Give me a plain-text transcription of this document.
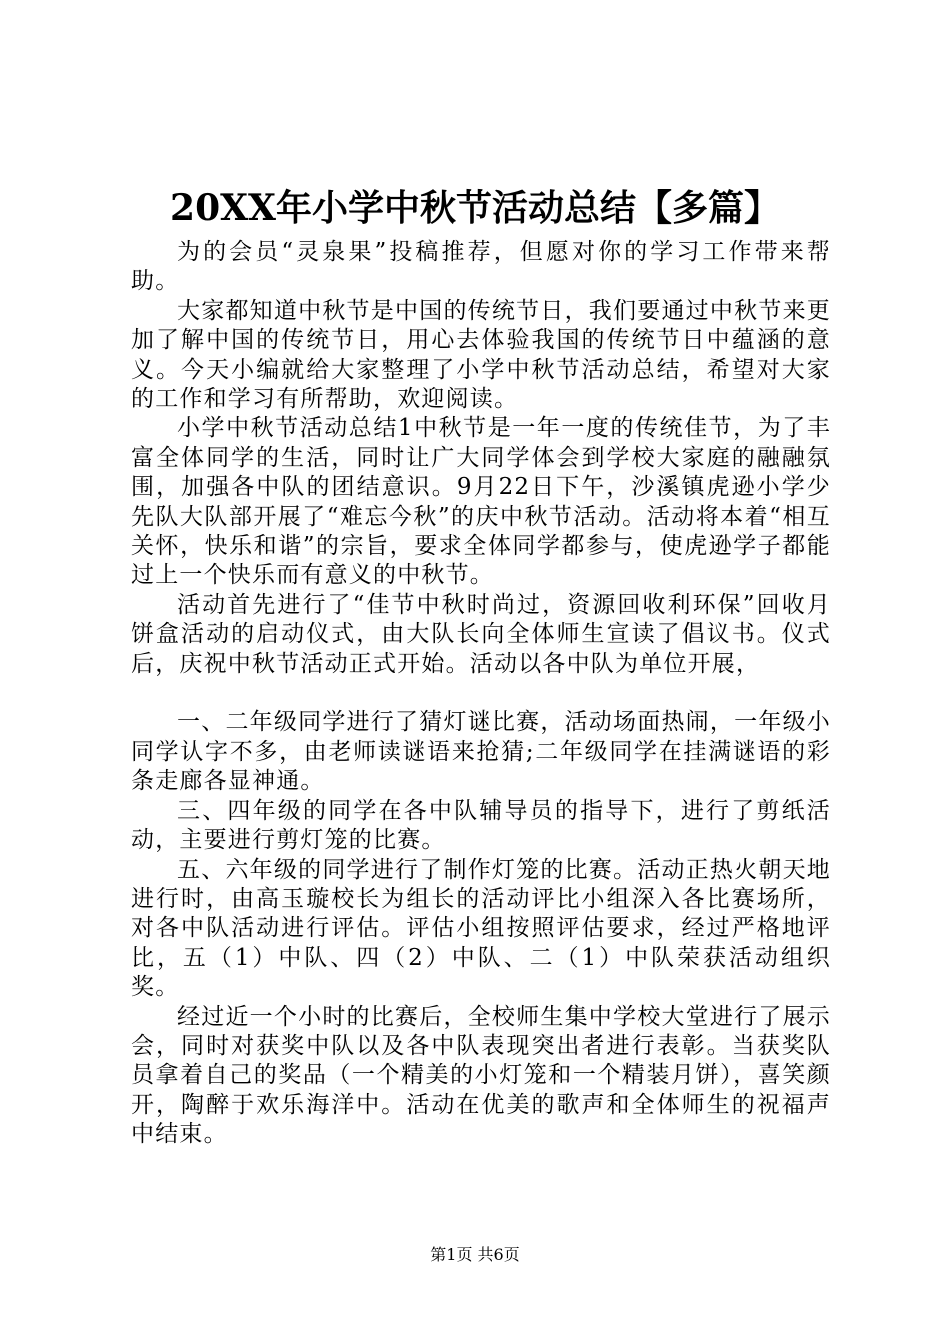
20XX年小学中秋节活动总结【多篇】

为的会员“灵泉果”投稿推荐，但愿对你的学习工作带来帮助。

大家都知道中秋节是中国的传统节日，我们要通过中秋节来更加了解中国的传统节日，用心去体验我国的传统节日中蕴涵的意义。今天小编就给大家整理了小学中秋节活动总结，希望对大家的工作和学习有所帮助，欢迎阅读。

小学中秋节活动总结1中秋节是一年一度的传统佳节，为了丰富全体同学的生活，同时让广大同学体会到学校大家庭的融融氛围，加强各中队的团结意识。9月22日下午，沙溪镇虎逊小学少先队大队部开展了“难忘今秋”的庆中秋节活动。活动将本着“相互关怀，快乐和谐”的宗旨，要求全体同学都参与，使虎逊学子都能过上一个快乐而有意义的中秋节。

活动首先进行了“佳节中秋时尚过，资源回收利环保”回收月饼盒活动的启动仪式，由大队长向全体师生宣读了倡议书。仪式后，庆祝中秋节活动正式开始。活动以各中队为单位开展，

一、二年级同学进行了猜灯谜比赛，活动场面热闹，一年级小同学认字不多，由老师读谜语来抢猜;二年级同学在挂满谜语的彩条走廊各显神通。

三、四年级的同学在各中队辅导员的指导下，进行了剪纸活动，主要进行剪灯笼的比赛。

五、六年级的同学进行了制作灯笼的比赛。活动正热火朝天地进行时，由高玉璇校长为组长的活动评比小组深入各比赛场所，对各中队活动进行评估。评估小组按照评估要求，经过严格地评比，五（1）中队、四（2）中队、二（1）中队荣获活动组织奖。

经过近一个小时的比赛后，全校师生集中学校大堂进行了展示会，同时对获奖中队以及各中队表现突出者进行表彰。当获奖队员拿着自己的奖品（一个精美的小灯笼和一个精装月饼），喜笑颜开，陶醉于欢乐海洋中。活动在优美的歌声和全体师生的祝福声中结束。

第1页 共6页
